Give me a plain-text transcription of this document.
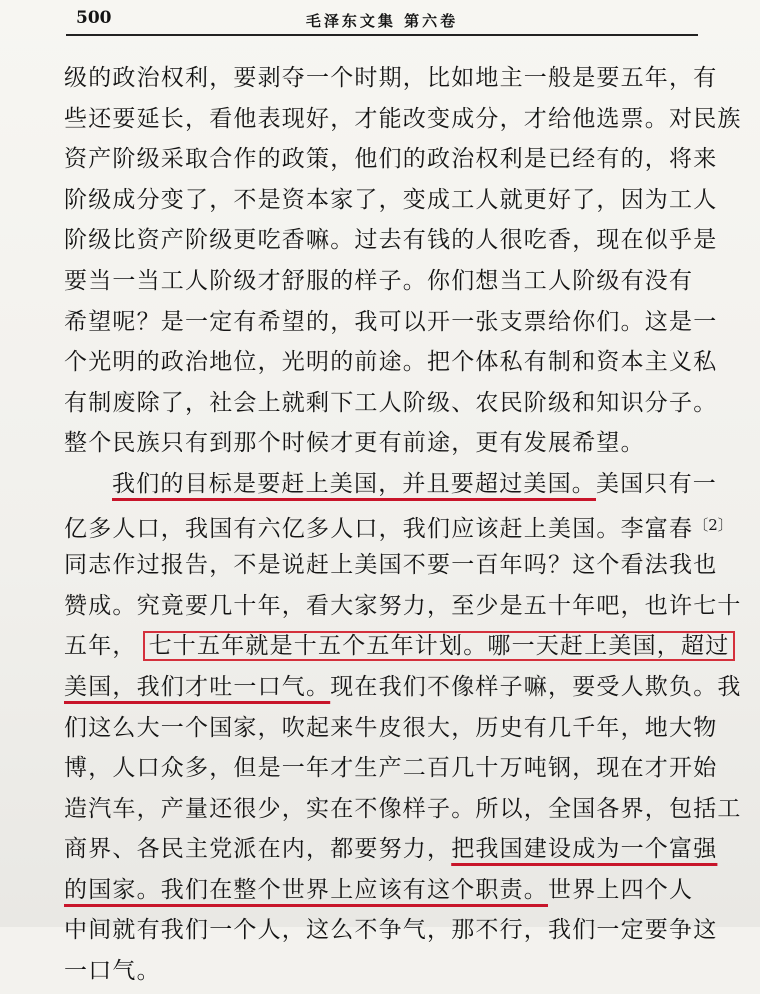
500	毛泽东文集 第六卷
级的政治权利，要剥夺一个时期，比如地主一般是要五年，有
些还要延长，看他表现好，才能改变成分，才给他选票。对民族
资产阶级采取合作的政策，他们的政治权利是已经有的，将来
阶级成分变了，不是资本家了，变成工人就更好了，因为工人
阶级比资产阶级更吃香嘛。过去有钱的人很吃香，现在似乎是
要当一当工人阶级才舒服的样子。你们想当工人阶级有没有
希望呢？是一定有希望的，我可以开一张支票给你们。这是一
个光明的政治地位，光明的前途。把个体私有制和资本主义私
有制废除了，社会上就剩下工人阶级、农民阶级和知识分子。
整个民族只有到那个时候才更有前途，更有发展希望。
我们的目标是要赶上美国，并且要超过美国。美国只有一
亿多人口，我国有六亿多人口，我们应该赶上美国。李富春$^{〔2〕}$
同志作过报告，不是说赶上美国不要一百年吗？这个看法我也
赞成。究竟要几十年，看大家努力，至少是五十年吧，也许七十
五年， 七十五年就是十五个五年计划。哪一天赶上美国，超过
美国，我们才吐一口气。现在我们不像样子嘛，要受人欺负。我
们这么大一个国家，吹起来牛皮很大，历史有几千年，地大物
博，人口众多，但是一年才生产二百几十万吨钢，现在才开始
造汽车，产量还很少，实在不像样子。所以，全国各界，包括工
商界、各民主党派在内，都要努力，把我国建设成为一个富强
的国家。我们在整个世界上应该有这个职责。世界上四个人
中间就有我们一个人，这么不争气，那不行，我们一定要争这
一口气。
